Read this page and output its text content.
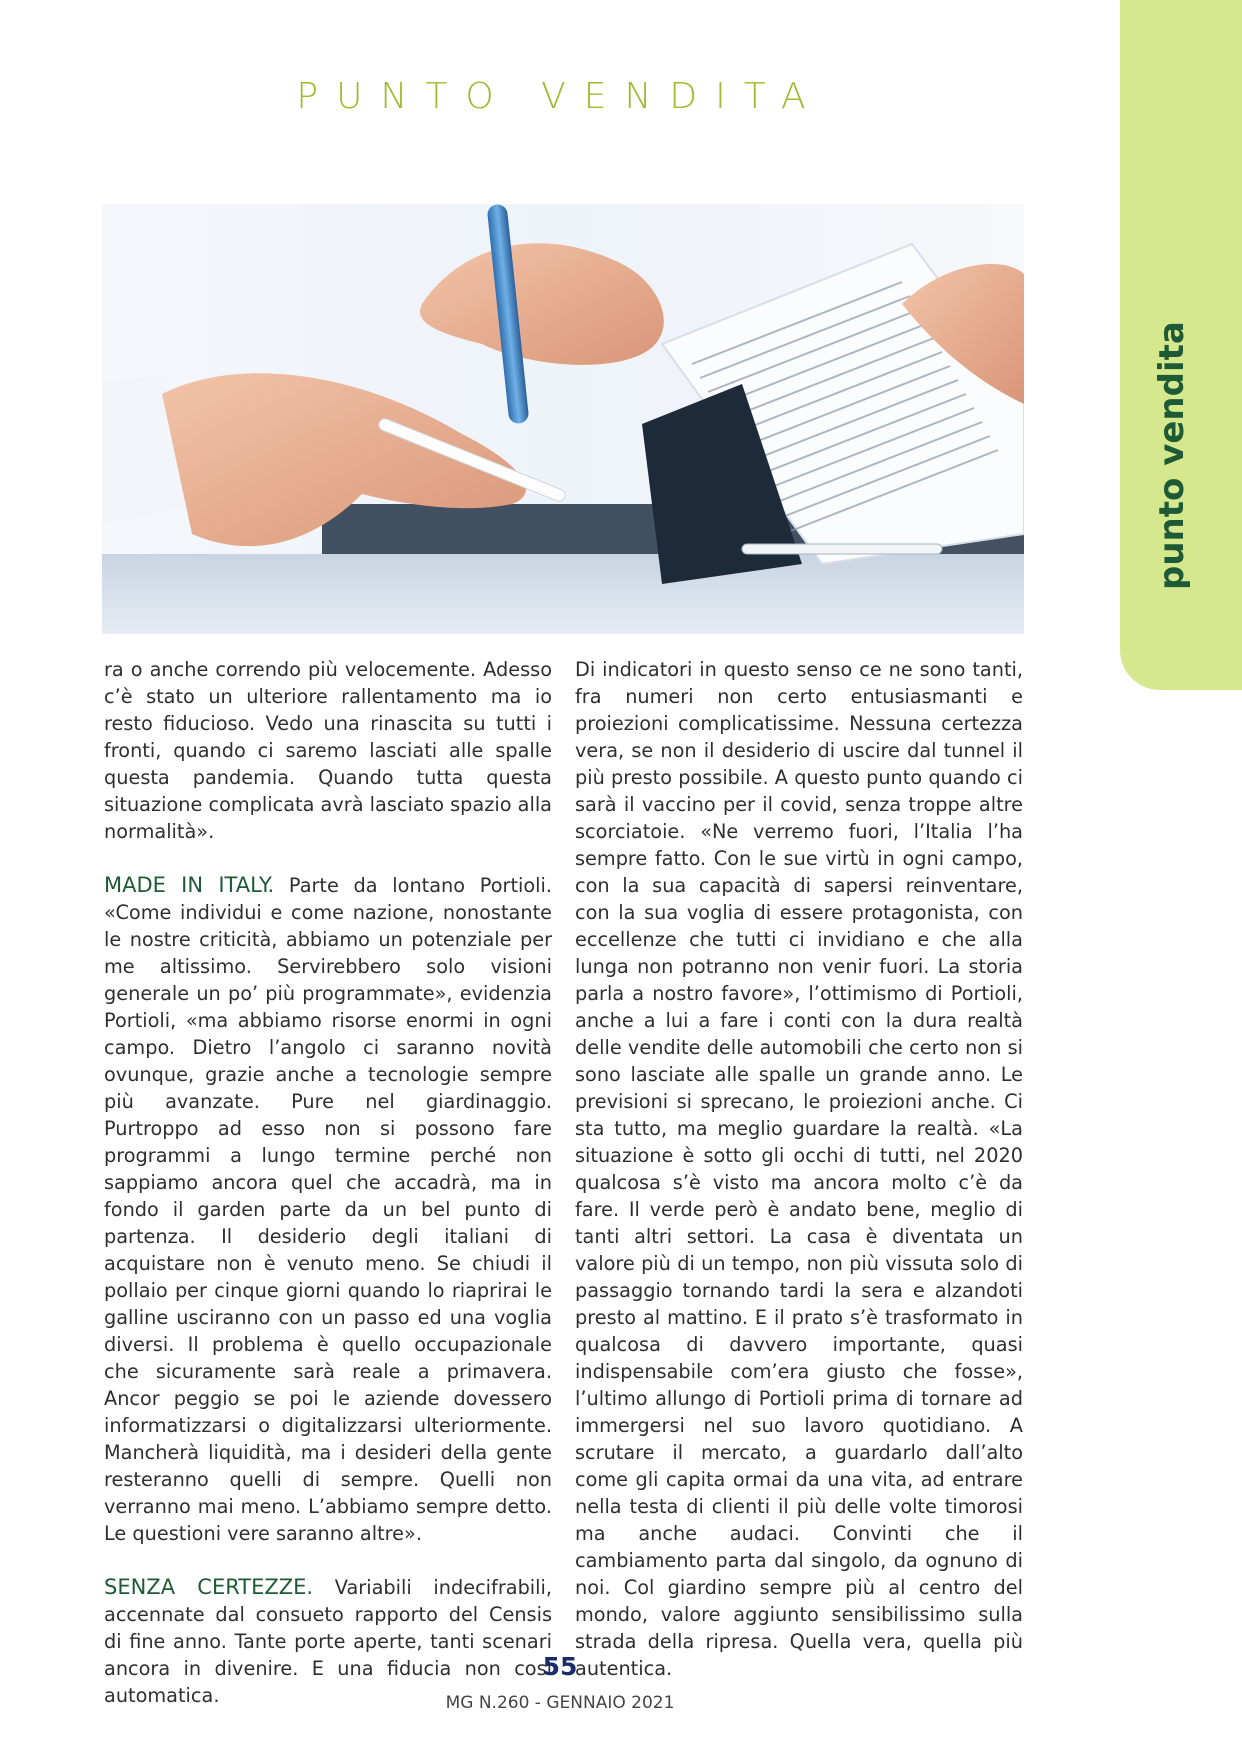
PUNTO VENDITA
punto vendita

ra o anche correndo più velocemente. Adesso c’è stato un ulteriore rallentamento ma io resto fiducioso. Vedo una rinascita su tutti i fronti, quando ci saremo lasciati alle spalle questa pandemia. Quando tutta questa situazione complicata avrà lasciato spazio alla normalità».

MADE IN ITALY. Parte da lontano Portioli. «Come individui e come nazione, nonostante le nostre criticità, abbiamo un potenziale per me altissimo. Servirebbero solo visioni generale un po’ più programmate», evidenzia Portioli, «ma abbiamo risorse enormi in ogni campo. Dietro l’angolo ci saranno novità ovunque, grazie anche a tecnologie sempre più avanzate. Pure nel giardinaggio. Purtroppo ad esso non si possono fare programmi a lungo termine perché non sappiamo ancora quel che accadrà, ma in fondo il garden parte da un bel punto di partenza. Il desiderio degli italiani di acquistare non è venuto meno. Se chiudi il pollaio per cinque giorni quando lo riaprirai le galline usciranno con un passo ed una voglia diversi. Il problema è quello occupazionale che sicuramente sarà reale a primavera. Ancor peggio se poi le aziende dovessero informatizzarsi o digitalizzarsi ulteriormente. Mancherà liquidità, ma i desideri della gente resteranno quelli di sempre. Quelli non verranno mai meno. L’abbiamo sempre detto. Le questioni vere saranno altre».

SENZA CERTEZZE. Variabili indecifrabili, accennate dal consueto rapporto del Censis di fine anno. Tante porte aperte, tanti scenari ancora in divenire. E una fiducia non così automatica.

Di indicatori in questo senso ce ne sono tanti, fra numeri non certo entusiasmanti e proiezioni complicatissime. Nessuna certezza vera, se non il desiderio di uscire dal tunnel il più presto possibile. A questo punto quando ci sarà il vaccino per il covid, senza troppe altre scorciatoie. «Ne verremo fuori, l’Italia l’ha sempre fatto. Con le sue virtù in ogni campo, con la sua capacità di sapersi reinventare, con la sua voglia di essere protagonista, con eccellenze che tutti ci invidiano e che alla lunga non potranno non venir fuori. La storia parla a nostro favore», l’ottimismo di Portioli, anche a lui a fare i conti con la dura realtà delle vendite delle automobili che certo non si sono lasciate alle spalle un grande anno. Le previsioni si sprecano, le proiezioni anche. Ci sta tutto, ma meglio guardare la realtà. «La situazione è sotto gli occhi di tutti, nel 2020 qualcosa s’è visto ma ancora molto c’è da fare. Il verde però è andato bene, meglio di tanti altri settori. La casa è diventata un valore più di un tempo, non più vissuta solo di passaggio tornando tardi la sera e alzandoti presto al mattino. E il prato s’è trasformato in qualcosa di davvero importante, quasi indispensabile com’era giusto che fosse», l’ultimo allungo di Portioli prima di tornare ad immergersi nel suo lavoro quotidiano. A scrutare il mercato, a guardarlo dall’alto come gli capita ormai da una vita, ad entrare nella testa di clienti il più delle volte timorosi ma anche audaci. Convinti che il cambiamento parta dal singolo, da ognuno di noi. Col giardino sempre più al centro del mondo, valore aggiunto sensibilissimo sulla strada della ripresa. Quella vera, quella più autentica.

55
MG N.260 - GENNAIO 2021
